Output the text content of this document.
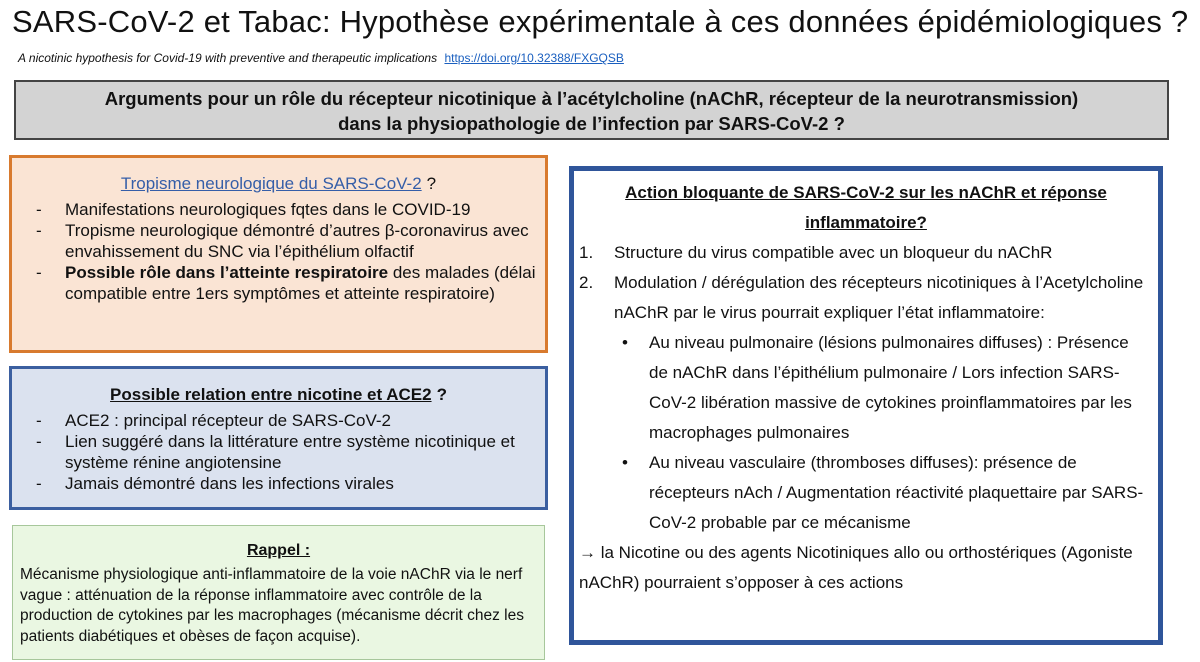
SARS-CoV-2 et Tabac: Hypothèse expérimentale à ces données épidémiologiques ?
A nicotinic hypothesis for Covid-19 with preventive and therapeutic implications https://doi.org/10.32388/FXGQSB
Arguments pour un rôle du récepteur nicotinique à l’acétylcholine (nAChR, récepteur de la neurotransmission)
dans la physiopathologie de l’infection par SARS-CoV-2 ?
Tropisme neurologique du SARS-CoV-2 ?
- Manifestations neurologiques fqtes dans le COVID-19
- Tropisme neurologique démontré d’autres β-coronavirus avec envahissement du SNC via l’épithélium olfactif
- Possible rôle dans l’atteinte respiratoire des malades (délai compatible entre 1ers symptômes et atteinte respiratoire)
Possible relation entre nicotine et ACE2 ?
- ACE2 : principal récepteur de SARS-CoV-2
- Lien suggéré dans la littérature entre système nicotinique et système rénine angiotensine
- Jamais démontré dans les infections virales
Rappel :
Mécanisme physiologique anti-inflammatoire de la voie nAChR via le nerf vague : atténuation de la réponse inflammatoire avec contrôle de la production de cytokines par les macrophages (mécanisme décrit chez les patients diabétiques et obèses de façon acquise).
Action bloquante de SARS-CoV-2 sur les nAChR et réponse
inflammatoire?
1. Structure du virus compatible avec un bloqueur du nAChR
2. Modulation / dérégulation des récepteurs nicotiniques à l’Acetylcholine nAChR par le virus pourrait expliquer l’état inflammatoire:
• Au niveau pulmonaire (lésions pulmonaires diffuses) : Présence de nAChR dans l’épithélium pulmonaire / Lors infection SARS-CoV-2 libération massive de cytokines proinflammatoires par les macrophages pulmonaires
• Au niveau vasculaire (thromboses diffuses): présence de récepteurs nAch / Augmentation réactivité plaquettaire par SARS-CoV-2 probable par ce mécanisme
→ la Nicotine ou des agents Nicotiniques allo ou orthostériques (Agoniste nAChR) pourraient s’opposer à ces actions
